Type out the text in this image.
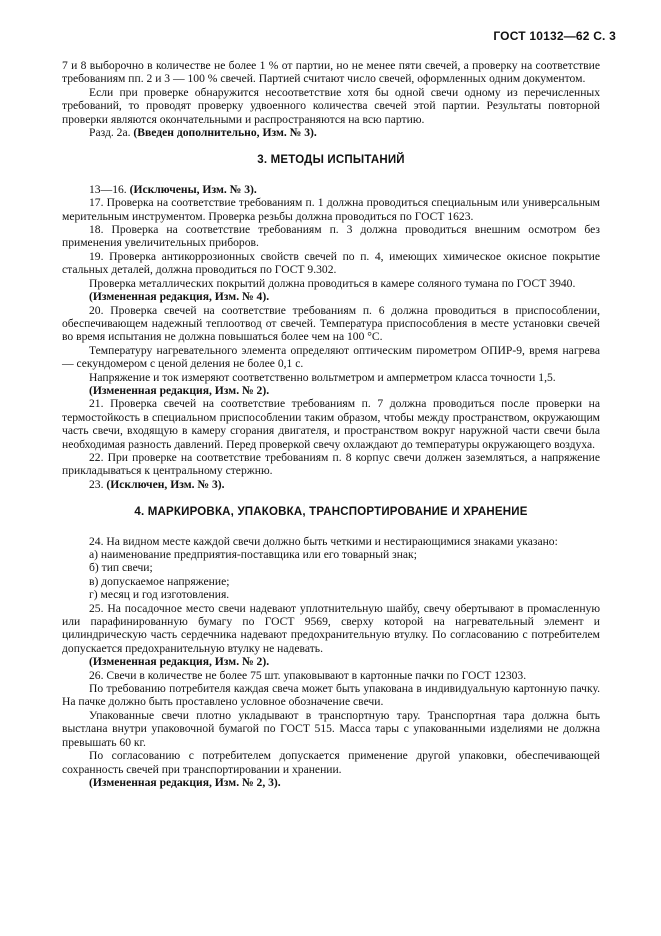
ГОСТ 10132—62 С. 3

7 и 8 выборочно в количестве не более 1 % от партии, но не менее пяти свечей, а проверку на соответствие требованиям пп. 2 и 3 — 100 % свечей. Партией считают число свечей, оформленных одним документом.

Если при проверке обнаружится несоответствие хотя бы одной свечи одному из перечисленных требований, то проводят проверку удвоенного количества свечей этой партии. Результаты повторной проверки являются окончательными и распространяются на всю партию.

Разд. 2а. (Введен дополнительно, Изм. № 3).

3. МЕТОДЫ ИСПЫТАНИЙ

13—16. (Исключены, Изм. № 3).

17. Проверка на соответствие требованиям п. 1 должна проводиться специальным или универсальным мерительным инструментом. Проверка резьбы должна проводиться по ГОСТ 1623.

18. Проверка на соответствие требованиям п. 3 должна проводиться внешним осмотром без применения увеличительных приборов.

19. Проверка антикоррозионных свойств свечей по п. 4, имеющих химическое окисное покрытие стальных деталей, должна проводиться по ГОСТ 9.302.

Проверка металлических покрытий должна проводиться в камере соляного тумана по ГОСТ 3940.

(Измененная редакция, Изм. № 4).

20. Проверка свечей на соответствие требованиям п. 6 должна проводиться в приспособлении, обеспечивающем надежный теплоотвод от свечей. Температура приспособления в месте установки свечей во время испытания не должна повышаться более чем на 100 °С.

Температуру нагревательного элемента определяют оптическим пирометром ОПИР-9, время нагрева — секундомером с ценой деления не более 0,1 с.

Напряжение и ток измеряют соответственно вольтметром и амперметром класса точности 1,5.

(Измененная редакция, Изм. № 2).

21. Проверка свечей на соответствие требованиям п. 7 должна проводиться после проверки на термостойкость в специальном приспособлении таким образом, чтобы между пространством, окружающим часть свечи, входящую в камеру сгорания двигателя, и пространством вокруг наружной части свечи была необходимая разность давлений. Перед проверкой свечу охлаждают до температуры окружающего воздуха.

22. При проверке на соответствие требованиям п. 8 корпус свечи должен заземляться, а напряжение прикладываться к центральному стержню.

23. (Исключен, Изм. № 3).

4. МАРКИРОВКА, УПАКОВКА, ТРАНСПОРТИРОВАНИЕ И ХРАНЕНИЕ

24. На видном месте каждой свечи должно быть четкими и нестирающимися знаками указано:

а) наименование предприятия-поставщика или его товарный знак;

б) тип свечи;

в) допускаемое напряжение;

г) месяц и год изготовления.

25. На посадочное место свечи надевают уплотнительную шайбу, свечу обертывают в промасленную или парафинированную бумагу по ГОСТ 9569, сверху которой на нагревательный элемент и цилиндрическую часть сердечника надевают предохранительную втулку. По согласованию с потребителем допускается предохранительную втулку не надевать.

(Измененная редакция, Изм. № 2).

26. Свечи в количестве не более 75 шт. упаковывают в картонные пачки по ГОСТ 12303.

По требованию потребителя каждая свеча может быть упакована в индивидуальную картонную пачку. На пачке должно быть проставлено условное обозначение свечи.

Упакованные свечи плотно укладывают в транспортную тару. Транспортная тара должна быть выстлана внутри упаковочной бумагой по ГОСТ 515. Масса тары с упакованными изделиями не должна превышать 60 кг.

По согласованию с потребителем допускается применение другой упаковки, обеспечивающей сохранность свечей при транспортировании и хранении.

(Измененная редакция, Изм. № 2, 3).
